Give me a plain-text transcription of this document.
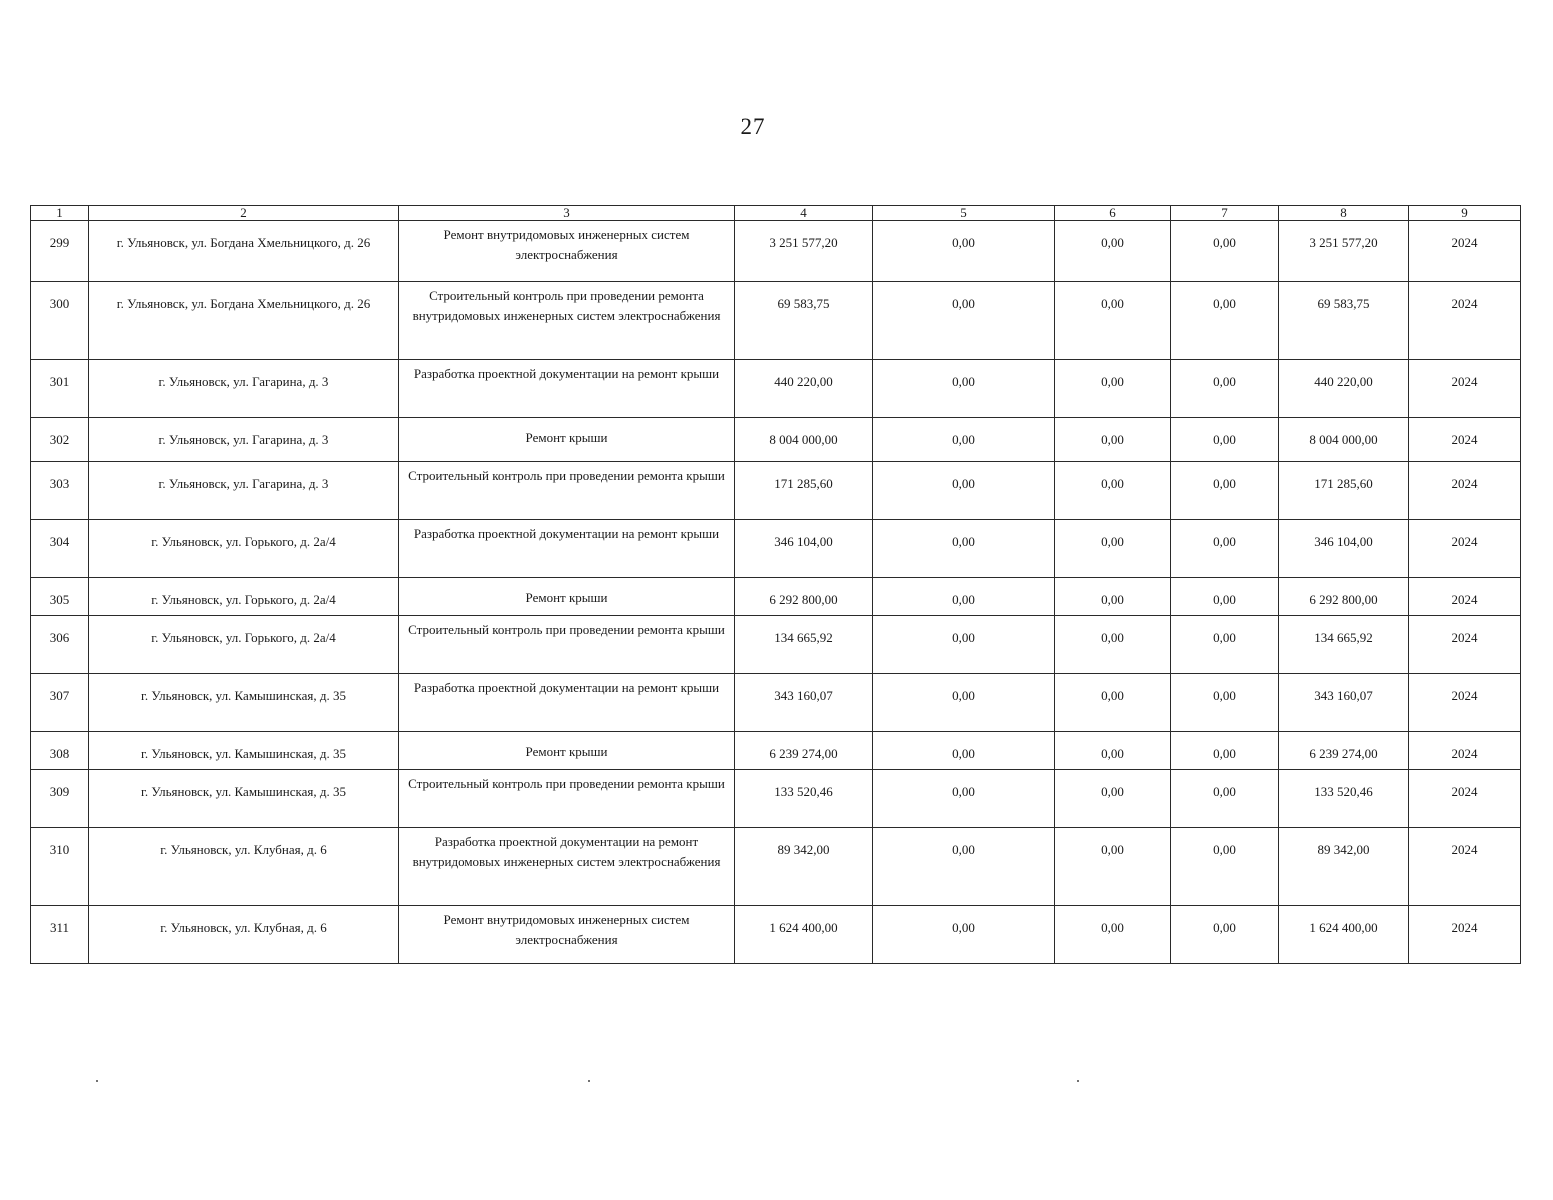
27
1	2	3	4	5	6	7	8	9
299	г. Ульяновск, ул. Богдана Хмельницкого, д. 26	Ремонт внутридомовых инженерных систем электроснабжения	3 251 577,20	0,00	0,00	0,00	3 251 577,20	2024
300	г. Ульяновск, ул. Богдана Хмельницкого, д. 26	Строительный контроль при проведении ремонта внутридомовых инженерных систем электроснабжения	69 583,75	0,00	0,00	0,00	69 583,75	2024
301	г. Ульяновск, ул. Гагарина, д. 3	Разработка проектной документации на ремонт крыши	440 220,00	0,00	0,00	0,00	440 220,00	2024
302	г. Ульяновск, ул. Гагарина, д. 3	Ремонт крыши	8 004 000,00	0,00	0,00	0,00	8 004 000,00	2024
303	г. Ульяновск, ул. Гагарина, д. 3	Строительный контроль при проведении ремонта крыши	171 285,60	0,00	0,00	0,00	171 285,60	2024
304	г. Ульяновск, ул. Горького, д. 2а/4	Разработка проектной документации на ремонт крыши	346 104,00	0,00	0,00	0,00	346 104,00	2024
305	г. Ульяновск, ул. Горького, д. 2а/4	Ремонт крыши	6 292 800,00	0,00	0,00	0,00	6 292 800,00	2024
306	г. Ульяновск, ул. Горького, д. 2а/4	Строительный контроль при проведении ремонта крыши	134 665,92	0,00	0,00	0,00	134 665,92	2024
307	г. Ульяновск, ул. Камышинская, д. 35	Разработка проектной документации на ремонт крыши	343 160,07	0,00	0,00	0,00	343 160,07	2024
308	г. Ульяновск, ул. Камышинская, д. 35	Ремонт крыши	6 239 274,00	0,00	0,00	0,00	6 239 274,00	2024
309	г. Ульяновск, ул. Камышинская, д. 35	Строительный контроль при проведении ремонта крыши	133 520,46	0,00	0,00	0,00	133 520,46	2024
310	г. Ульяновск, ул. Клубная, д. 6	Разработка проектной документации на ремонт внутридомовых инженерных систем электроснабжения	89 342,00	0,00	0,00	0,00	89 342,00	2024
311	г. Ульяновск, ул. Клубная, д. 6	Ремонт внутридомовых инженерных систем электроснабжения	1 624 400,00	0,00	0,00	0,00	1 624 400,00	2024
